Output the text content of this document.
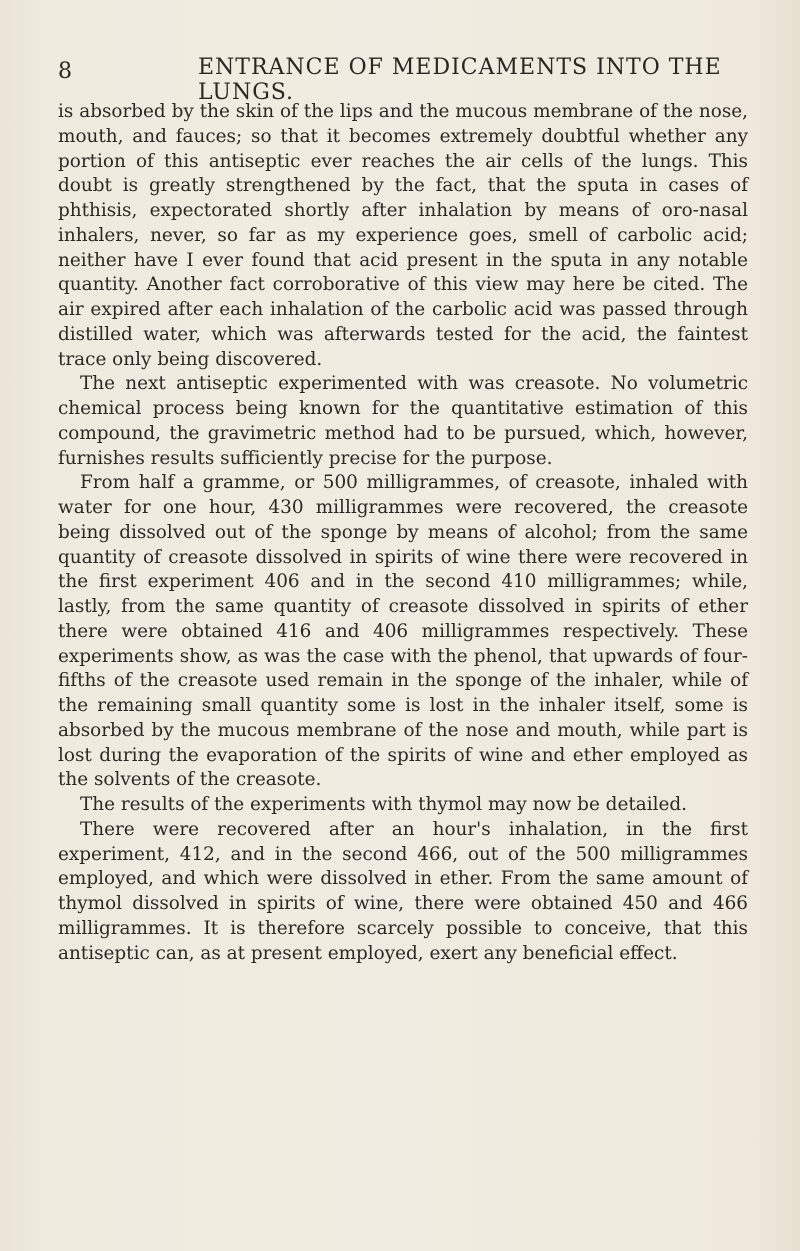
8	ENTRANCE OF MEDICAMENTS INTO THE LUNGS.

is absorbed by the skin of the lips and the mucous membrane of the nose, mouth, and fauces; so that it becomes extremely doubtful whether any portion of this antiseptic ever reaches the air cells of the lungs. This doubt is greatly strengthened by the fact, that the sputa in cases of phthisis, expectorated shortly after inhalation by means of oro-nasal inhalers, never, so far as my experience goes, smell of carbolic acid; neither have I ever found that acid present in the sputa in any notable quantity. Another fact corroborative of this view may here be cited. The air expired after each inhalation of the carbolic acid was passed through distilled water, which was afterwards tested for the acid, the faintest trace only being discovered.

The next antiseptic experimented with was creasote. No volumetric chemical process being known for the quantitative estimation of this compound, the gravimetric method had to be pursued, which, however, furnishes results sufficiently precise for the purpose.

From half a gramme, or 500 milligrammes, of creasote, inhaled with water for one hour, 430 milligrammes were recovered, the creasote being dissolved out of the sponge by means of alcohol; from the same quantity of creasote dissolved in spirits of wine there were recovered in the first experiment 406 and in the second 410 milligrammes; while, lastly, from the same quantity of creasote dissolved in spirits of ether there were obtained 416 and 406 milligrammes respectively. These experiments show, as was the case with the phenol, that upwards of four-fifths of the creasote used remain in the sponge of the inhaler, while of the remaining small quantity some is lost in the inhaler itself, some is absorbed by the mucous membrane of the nose and mouth, while part is lost during the evaporation of the spirits of wine and ether employed as the solvents of the creasote.

The results of the experiments with thymol may now be detailed.

There were recovered after an hour's inhalation, in the first experiment, 412, and in the second 466, out of the 500 milligrammes employed, and which were dissolved in ether. From the same amount of thymol dissolved in spirits of wine, there were obtained 450 and 466 milligrammes. It is therefore scarcely possible to conceive, that this antiseptic can, as at present employed, exert any beneficial effect.
